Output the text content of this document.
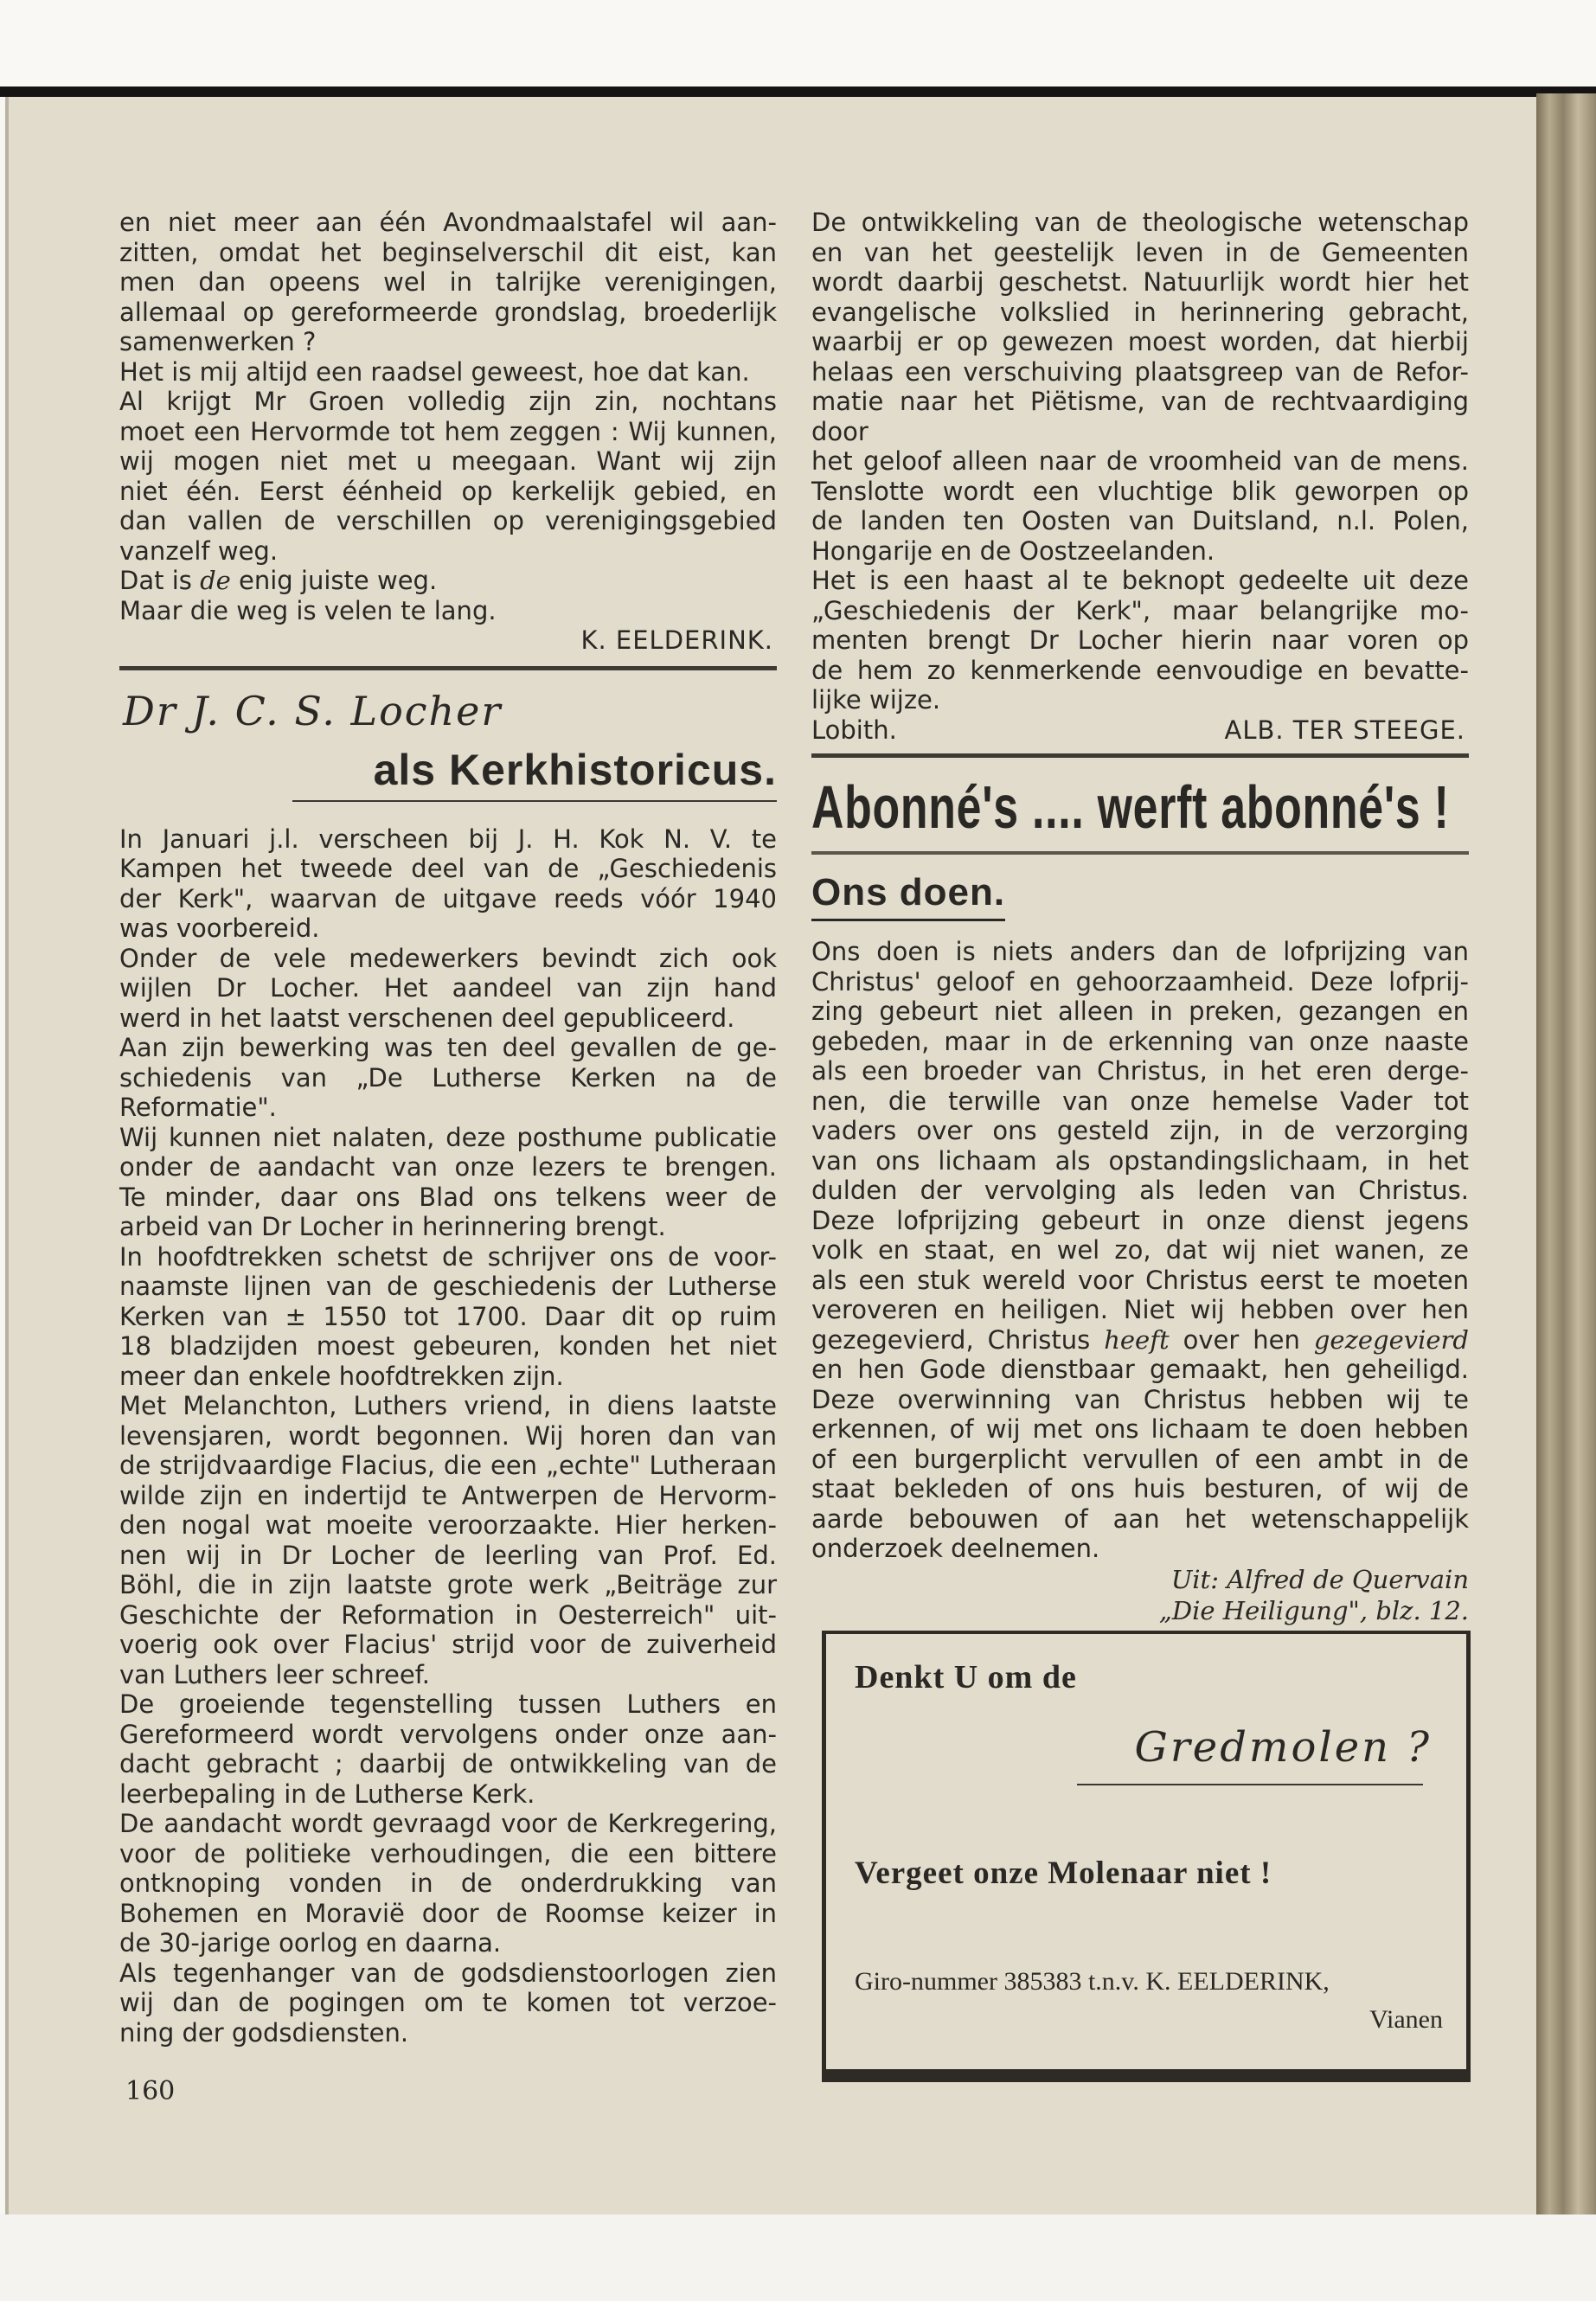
en niet meer aan één Avondmaalstafel wil aan-

zitten, omdat het beginselverschil dit eist, kan

men dan opeens wel in talrijke verenigingen,

allemaal op gereformeerde grondslag, broederlijk

samenwerken ?

Het is mij altijd een raadsel geweest, hoe dat kan.

Al krijgt Mr Groen volledig zijn zin, nochtans

moet een Hervormde tot hem zeggen : Wij kunnen,

wij mogen niet met u meegaan. Want wij zijn

niet één. Eerst éénheid op kerkelijk gebied, en

dan vallen de verschillen op verenigingsgebied

vanzelf weg.

Dat is de enig juiste weg.

Maar die weg is velen te lang.

K. EELDERINK.

Dr J. C. S. Locher
als Kerkhistoricus.

In Januari j.l. verscheen bij J. H. Kok N. V. te

Kampen het tweede deel van de „Geschiedenis

der Kerk", waarvan de uitgave reeds vóór 1940

was voorbereid.

Onder de vele medewerkers bevindt zich ook

wijlen Dr Locher. Het aandeel van zijn hand

werd in het laatst verschenen deel gepubliceerd.

Aan zijn bewerking was ten deel gevallen de ge-

schiedenis van „De Lutherse Kerken na de

Reformatie".

Wij kunnen niet nalaten, deze posthume publicatie

onder de aandacht van onze lezers te brengen.

Te minder, daar ons Blad ons telkens weer de

arbeid van Dr Locher in herinnering brengt.

In hoofdtrekken schetst de schrijver ons de voor-

naamste lijnen van de geschiedenis der Lutherse

Kerken van ± 1550 tot 1700. Daar dit op ruim

18 bladzijden moest gebeuren, konden het niet

meer dan enkele hoofdtrekken zijn.

Met Melanchton, Luthers vriend, in diens laatste

levensjaren, wordt begonnen. Wij horen dan van

de strijdvaardige Flacius, die een „echte" Lutheraan

wilde zijn en indertijd te Antwerpen de Hervorm-

den nogal wat moeite veroorzaakte. Hier herken-

nen wij in Dr Locher de leerling van Prof. Ed.

Böhl, die in zijn laatste grote werk „Beiträge zur

Geschichte der Reformation in Oesterreich" uit-

voerig ook over Flacius' strijd voor de zuiverheid

van Luthers leer schreef.

De groeiende tegenstelling tussen Luthers en

Gereformeerd wordt vervolgens onder onze aan-

dacht gebracht ; daarbij de ontwikkeling van de

leerbepaling in de Lutherse Kerk.

De aandacht wordt gevraagd voor de Kerkregering,

voor de politieke verhoudingen, die een bittere

ontknoping vonden in de onderdrukking van

Bohemen en Moravië door de Roomse keizer in

de 30-jarige oorlog en daarna.

Als tegenhanger van de godsdienstoorlogen zien

wij dan de pogingen om te komen tot verzoe-

ning der godsdiensten.

160

De ontwikkeling van de theologische wetenschap

en van het geestelijk leven in de Gemeenten

wordt daarbij geschetst. Natuurlijk wordt hier het

evangelische volkslied in herinnering gebracht,

waarbij er op gewezen moest worden, dat hierbij

helaas een verschuiving plaatsgreep van de Refor-

matie naar het Piëtisme, van de rechtvaardiging door

het geloof alleen naar de vroomheid van de mens.

Tenslotte wordt een vluchtige blik geworpen op

de landen ten Oosten van Duitsland, n.l. Polen,

Hongarije en de Oostzeelanden.

Het is een haast al te beknopt gedeelte uit deze

„Geschiedenis der Kerk", maar belangrijke mo-

menten brengt Dr Locher hierin naar voren op

de hem zo kenmerkende eenvoudige en bevatte-

lijke wijze.

Lobith.	ALB. TER STEEGE.

Abonné's .... werft abonné's !
Ons doen.

Ons doen is niets anders dan de lofprijzing van

Christus' geloof en gehoorzaamheid. Deze lofprij-

zing gebeurt niet alleen in preken, gezangen en

gebeden, maar in de erkenning van onze naaste

als een broeder van Christus, in het eren derge-

nen, die terwille van onze hemelse Vader tot

vaders over ons gesteld zijn, in de verzorging

van ons lichaam als opstandingslichaam, in het

dulden der vervolging als leden van Christus.

Deze lofprijzing gebeurt in onze dienst jegens

volk en staat, en wel zo, dat wij niet wanen, ze

als een stuk wereld voor Christus eerst te moeten

veroveren en heiligen. Niet wij hebben over hen

gezegevierd, Christus heeft over hen gezegevierd

en hen Gode dienstbaar gemaakt, hen geheiligd.

Deze overwinning van Christus hebben wij te

erkennen, of wij met ons lichaam te doen hebben

of een burgerplicht vervullen of een ambt in de

staat bekleden of ons huis besturen, of wij de

aarde bebouwen of aan het wetenschappelijk

onderzoek deelnemen.

Uit: Alfred de Quervain
„Die Heiligung", blz. 12.
Denkt U om de
Gredmolen ?
Vergeet onze Molenaar niet !
Giro-nummer 385383 t.n.v. K. EELDERINK,
Vianen
